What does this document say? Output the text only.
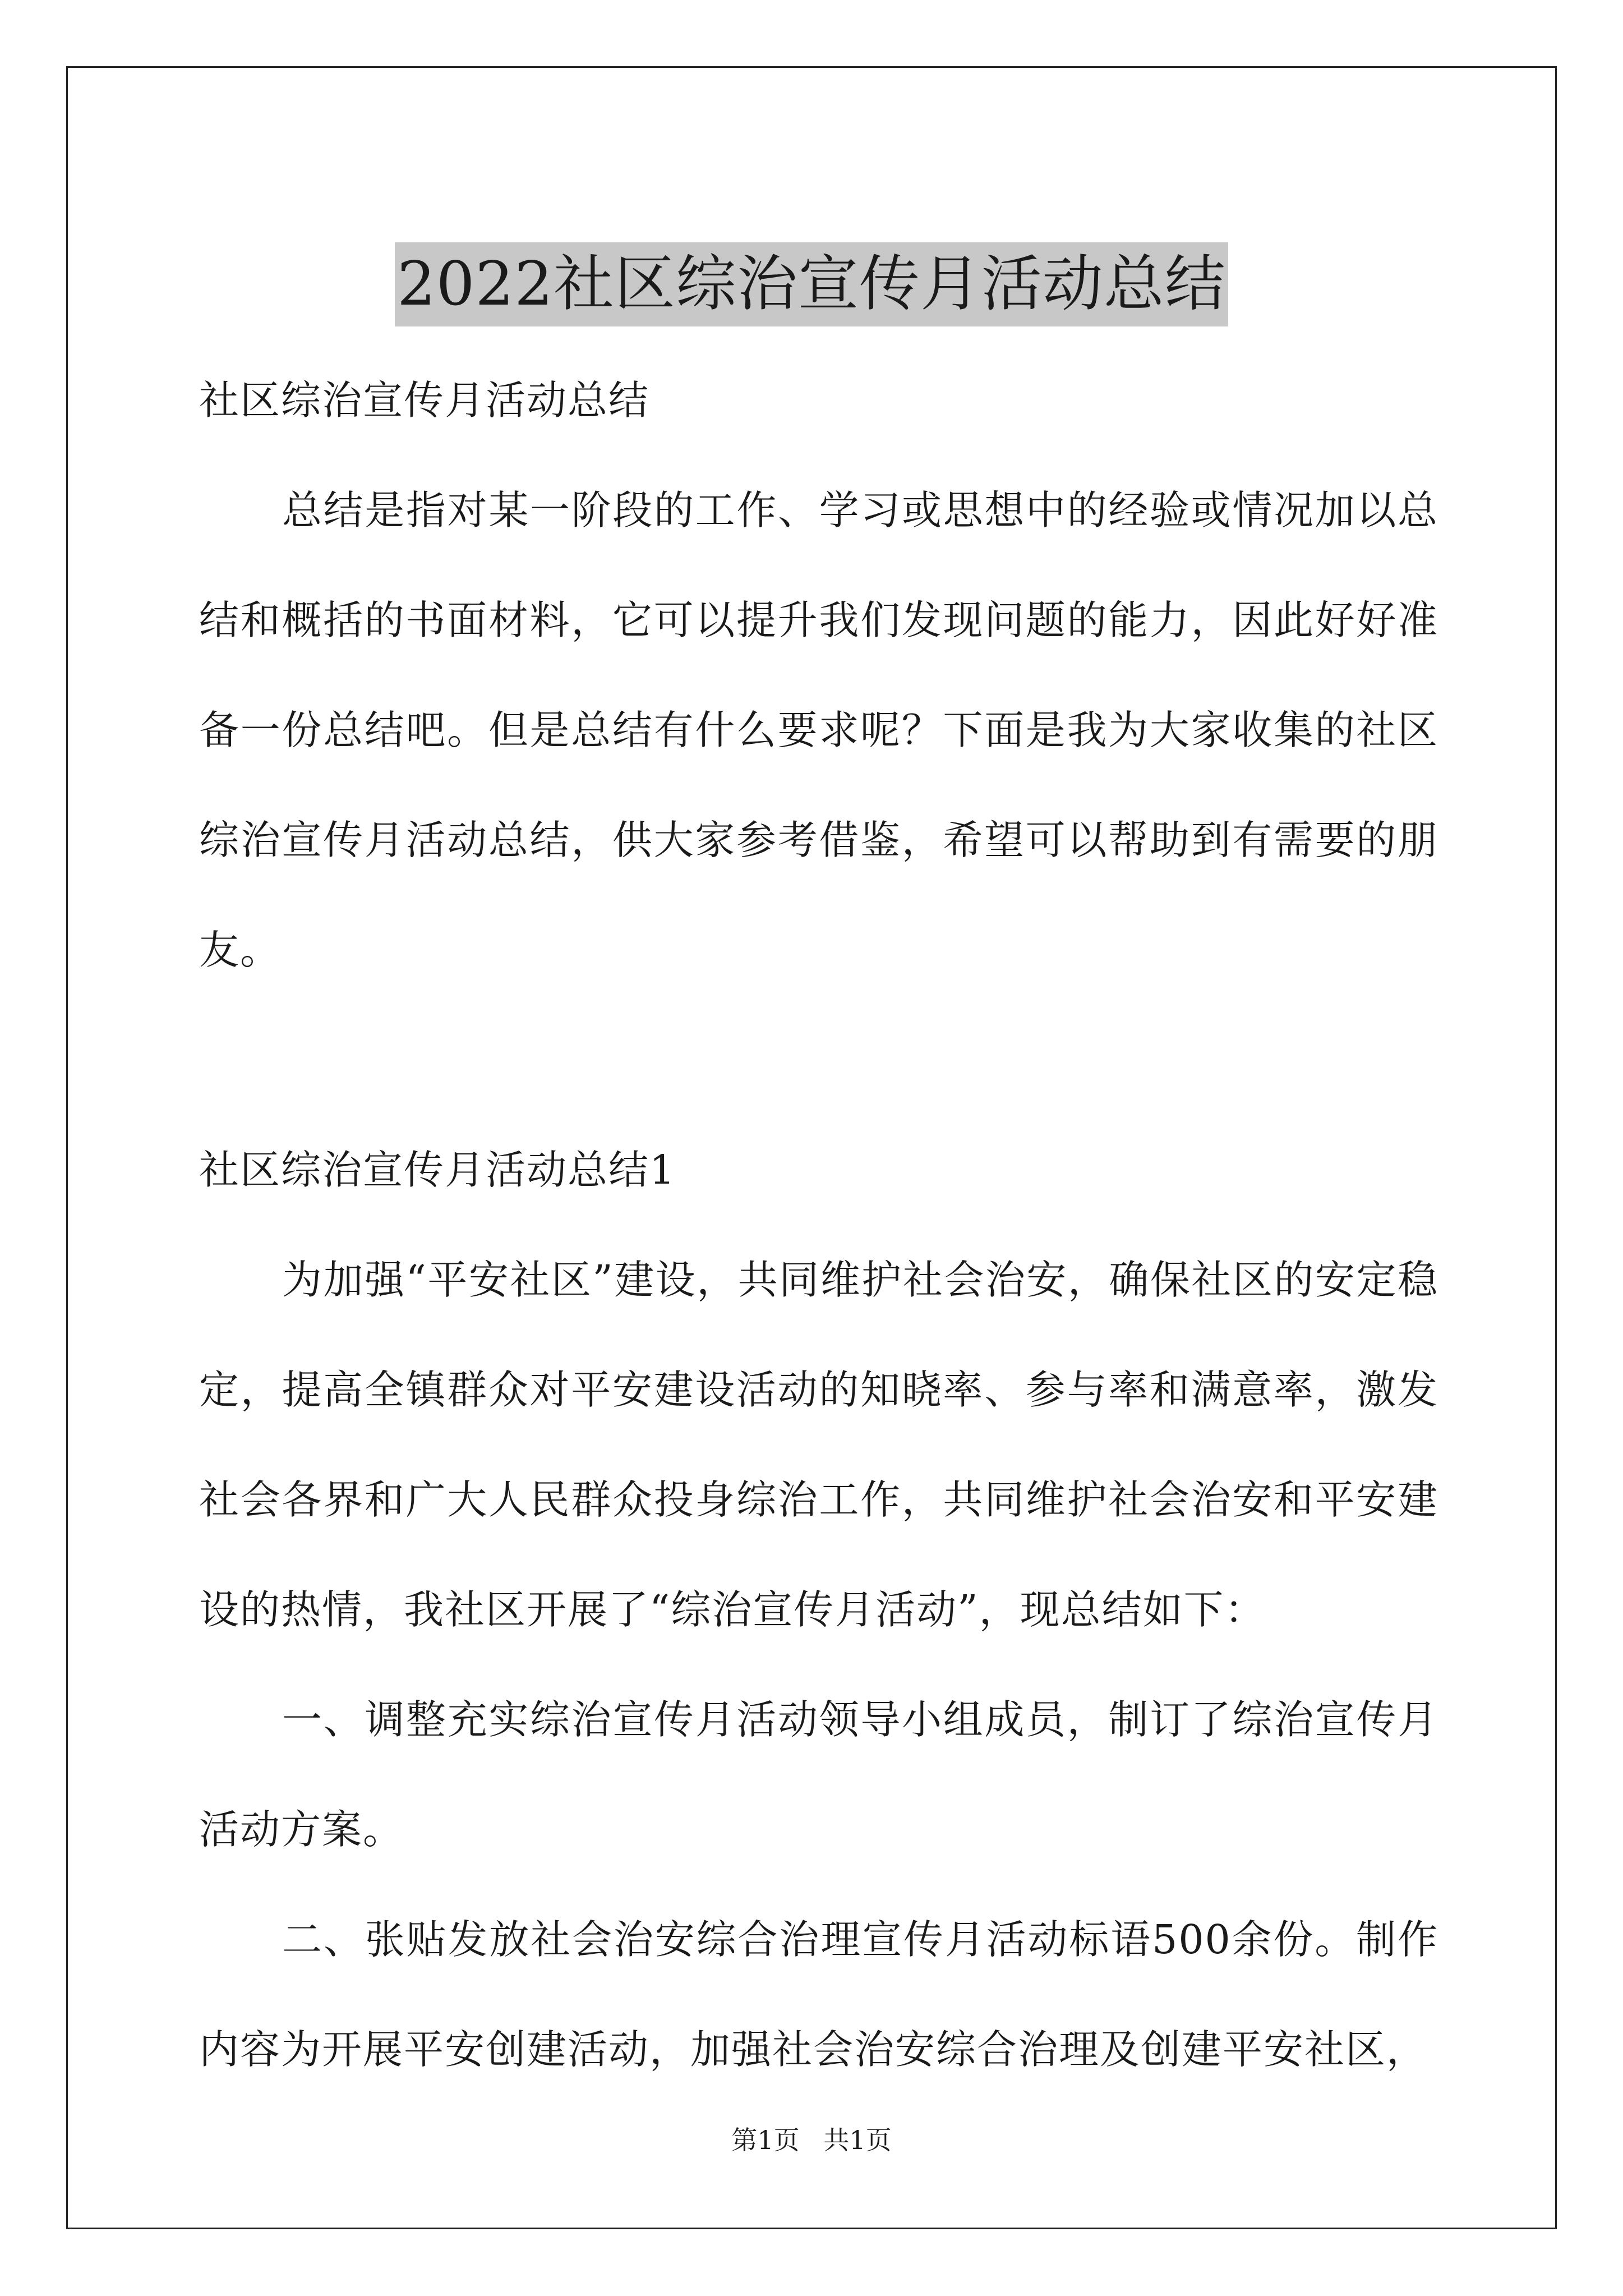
2022社区综治宣传月活动总结

社区综治宣传月活动总结

总结是指对某一阶段的工作、学习或思想中的经验或情况加以总结和概括的书面材料，它可以提升我们发现问题的能力，因此好好准备一份总结吧。但是总结有什么要求呢？下面是我为大家收集的社区综治宣传月活动总结，供大家参考借鉴，希望可以帮助到有需要的朋友。

社区综治宣传月活动总结1

为加强“平安社区”建设，共同维护社会治安，确保社区的安定稳定，提高全镇群众对平安建设活动的知晓率、参与率和满意率，激发社会各界和广大人民群众投身综治工作，共同维护社会治安和平安建设的热情，我社区开展了“综治宣传月活动”，现总结如下：

一、调整充实综治宣传月活动领导小组成员，制订了综治宣传月活动方案。

二、张贴发放社会治安综合治理宣传月活动标语500余份。制作内容为开展平安创建活动，加强社会治安综合治理及创建平安社区，

第1页 共1页
